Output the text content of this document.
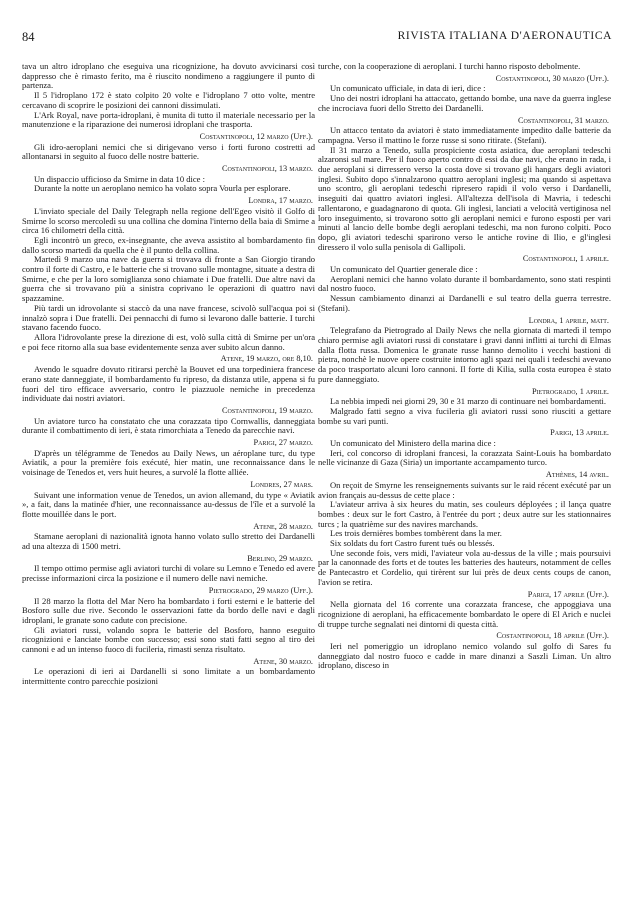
84	RIVISTA ITALIANA D'AERONAUTICA

tava un altro idroplano che eseguiva una ricognizione, ha dovuto avvicinarsi così dappresso che è rimasto ferito, ma è riuscito nondimeno a raggiungere il punto di partenza.

Il 5 l'idroplano 172 è stato colpito 20 volte e l'idroplano 7 otto volte, mentre cercavano di scoprire le posizioni dei cannoni dissimulati.

L'Ark Royal, nave porta-idroplani, è munita di tutto il materiale necessario per la manutenzione e la riparazione dei numerosi idroplani che trasporta.

Costantinopoli, 12 marzo (Uff.).

Gli idro-aeroplani nemici che si dirigevano verso i forti furono costretti ad allontanarsi in seguito al fuoco delle nostre batterie.

Costantinopoli, 13 marzo.

Un dispaccio ufficioso da Smirne in data 10 dice :

Durante la notte un aeroplano nemico ha volato sopra Vourla per esplorare.

Londra, 17 marzo.

L'inviato speciale del Daily Telegraph nella regione dell'Egeo visitò il Golfo di Smirne lo scorso mercoledì su una collina che domina l'interno della baia di Smirne a circa 16 chilometri della città.

Egli incontrò un greco, ex-insegnante, che aveva assistito al bombardamento fin dallo scorso martedì da quella che è il punto della collina.

Martedì 9 marzo una nave da guerra si trovava di fronte a San Giorgio tirando contro il forte di Castro, e le batterie che si trovano sulle montagne, situate a destra di Smirne, e che per la loro somiglianza sono chiamate i Due fratelli. Due altre navi da guerra che si trovavano più a sinistra coprivano le operazioni di quattro navi spazzamine.

Più tardi un idrovolante si staccò da una nave francese, scivolò sull'acqua poi si innalzò sopra i Due fratelli. Dei pennacchi di fumo si levarono dalle batterie. I turchi stavano facendo fuoco.

Allora l'idrovolante prese la direzione di est, volò sulla città di Smirne per un'ora e poi fece ritorno alla sua base evidentemente senza aver subito alcun danno.

Atene, 19 marzo, ore 8,10.

Avendo le squadre dovuto ritirarsi perchè la Bouvet ed una torpediniera francese erano state danneggiate, il bombardamento fu ripreso, da distanza utile, appena si fu fuori del tiro efficace avversario, contro le piazzuole nemiche in precedenza individuate dai nostri aviatori.

Costantinopoli, 19 marzo.

Un aviatore turco ha constatato che una corazzata tipo Cornwallis, danneggiata durante il combattimento di ieri, è stata rimorchiata a Tenedo da parecchie navi.

Parigi, 27 marzo.

D'après un télégramme de Tenedos au Daily News, un aéroplane turc, du type Aviatik, a pour la première fois exécuté, hier matin, une reconnaissance dans le voisinage de Tenedos et, vers huit heures, a survolé la flotte alliée.

Londres, 27 mars.

Suivant une information venue de Tenedos, un avion allemand, du type « Aviatik », a fait, dans la matinée d'hier, une reconnaissance au-dessus de l'île et a survolé la flotte mouillée dans le port.

Atene, 28 marzo.

Stamane aeroplani di nazionalità ignota hanno volato sullo stretto dei Dardanelli ad una altezza di 1500 metri.

Berlino, 29 marzo.

Il tempo ottimo permise agli aviatori turchi di volare su Lemno e Tenedo ed avere precisse informazioni circa la posizione e il numero delle navi nemiche.

Pietrogrado, 29 marzo (Uff.).

Il 28 marzo la flotta del Mar Nero ha bombardato i forti esterni e le batterie del Bosforo sulle due rive. Secondo le osservazioni fatte da bordo delle navi e dagli idroplani, le granate sono cadute con precisione.

Gli aviatori russi, volando sopra le batterie del Bosforo, hanno eseguito ricognizioni e lanciate bombe con successo; essi sono stati fatti segno al tiro dei cannoni e ad un intenso fuoco di fucileria, rimasti senza risultato.

Atene, 30 marzo.

Le operazioni di ieri ai Dardanelli si sono limitate a un bombardamento intermittente contro parecchie posizioni

turche, con la cooperazione di aeroplani. I turchi hanno risposto debolmente.

Costantinopoli, 30 marzo (Uff.).

Un comunicato ufficiale, in data di ieri, dice :

Uno dei nostri idroplani ha attaccato, gettando bombe, una nave da guerra inglese che incrociava fuori dello Stretto dei Dardanelli.

Costantinopoli, 31 marzo.

Un attacco tentato da aviatori è stato immediatamente impedito dalle batterie da campagna. Verso il mattino le forze russe si sono ritirate. (Stefani).

Il 31 marzo a Tenedo, sulla prospiciente costa asiatica, due aeroplani tedeschi alzaronsi sul mare. Per il fuoco aperto contro di essi da due navi, che erano in rada, i due aeroplani si dirressero verso la costa dove si trovano gli hangars degli aviatori inglesi. Subito dopo s'innalzarono quattro aeroplani inglesi; ma quando si aspettava uno scontro, gli aeroplani tedeschi ripresero rapidi il volo verso i Dardanelli, inseguiti dai quattro aviatori inglesi. All'altezza dell'isola di Mavria, i tedeschi rallentarono, e guadagnarono di quota. Gli inglesi, lanciati a velocità vertiginosa nel loro inseguimento, si trovarono sotto gli aeroplani nemici e furono esposti per vari minuti al lancio delle bombe degli aeroplani tedeschi, ma non furono colpiti. Poco dopo, gli aviatori tedeschi sparirono verso le antiche rovine di Ilio, e gl'inglesi diressero il volo sulla penisola di Gallipoli.

Costantinopoli, 1 aprile.

Un comunicato del Quartier generale dice :

Aeroplani nemici che hanno volato durante il bombardamento, sono stati respinti dal nostro fuoco.

Nessun cambiamento dinanzi ai Dardanelli e sul teatro della guerra terrestre. (Stefani).

Londra, 1 aprile, matt.

Telegrafano da Pietrogrado al Daily News che nella giornata di martedì il tempo chiaro permise agli aviatori russi di constatare i gravi danni inflitti ai turchi di Elmas dalla flotta russa. Domenica le granate russe hanno demolito i vecchi bastioni di pietra, nonchè le nuove opere costruite intorno agli spazi nei quali i tedeschi avevano da poco trasportato alcuni loro cannoni. Il forte di Kilia, sulla costa europea è stato pure danneggiato.

Pietrogrado, 1 aprile.

La nebbia impedì nei giorni 29, 30 e 31 marzo di continuare nei bombardamenti.

Malgrado fatti segno a viva fucileria gli aviatori russi sono riusciti a gettare bombe su vari punti.

Parigi, 13 aprile.

Un comunicato del Ministero della marina dice :

Ieri, col concorso di idroplani francesi, la corazzata Saint-Louis ha bombardato nelle vicinanze di Gaza (Siria) un importante accampamento turco.

Athènes, 14 avril.

On reçoit de Smyrne les renseignements suivants sur le raid récent exécuté par un avion français au-dessus de cette place :

L'aviateur arriva à six heures du matin, ses couleurs déployées ; il lança quatre bombes : deux sur le fort Castro, à l'entrée du port ; deux autre sur les stationnaires turcs ; la quatrième sur des navires marchands.

Les trois dernières bombes tombèrent dans la mer.

Six soldats du fort Castro furent tués ou blessés.

Une seconde fois, vers midi, l'aviateur vola au-dessus de la ville ; mais poursuivi par la canonnade des forts et de toutes les batteries des hauteurs, notamment de celles de Pantecastro et Cordelio, qui tirèrent sur lui près de deux cents coups de canon, l'avion se retira.

Parigi, 17 aprile (Uff.).

Nella giornata del 16 corrente una corazzata francese, che appoggiava una ricognizione di aeroplani, ha efficacemente bombardato le opere di El Arich e nuclei di truppe turche segnalati nei dintorni di questa città.

Costantinopoli, 18 aprile (Uff.).

Ieri nel pomeriggio un idroplano nemico volando sul golfo di Sares fu danneggiato dal nostro fuoco e cadde in mare dinanzi a Saszli Liman. Un altro idroplano, disceso in
